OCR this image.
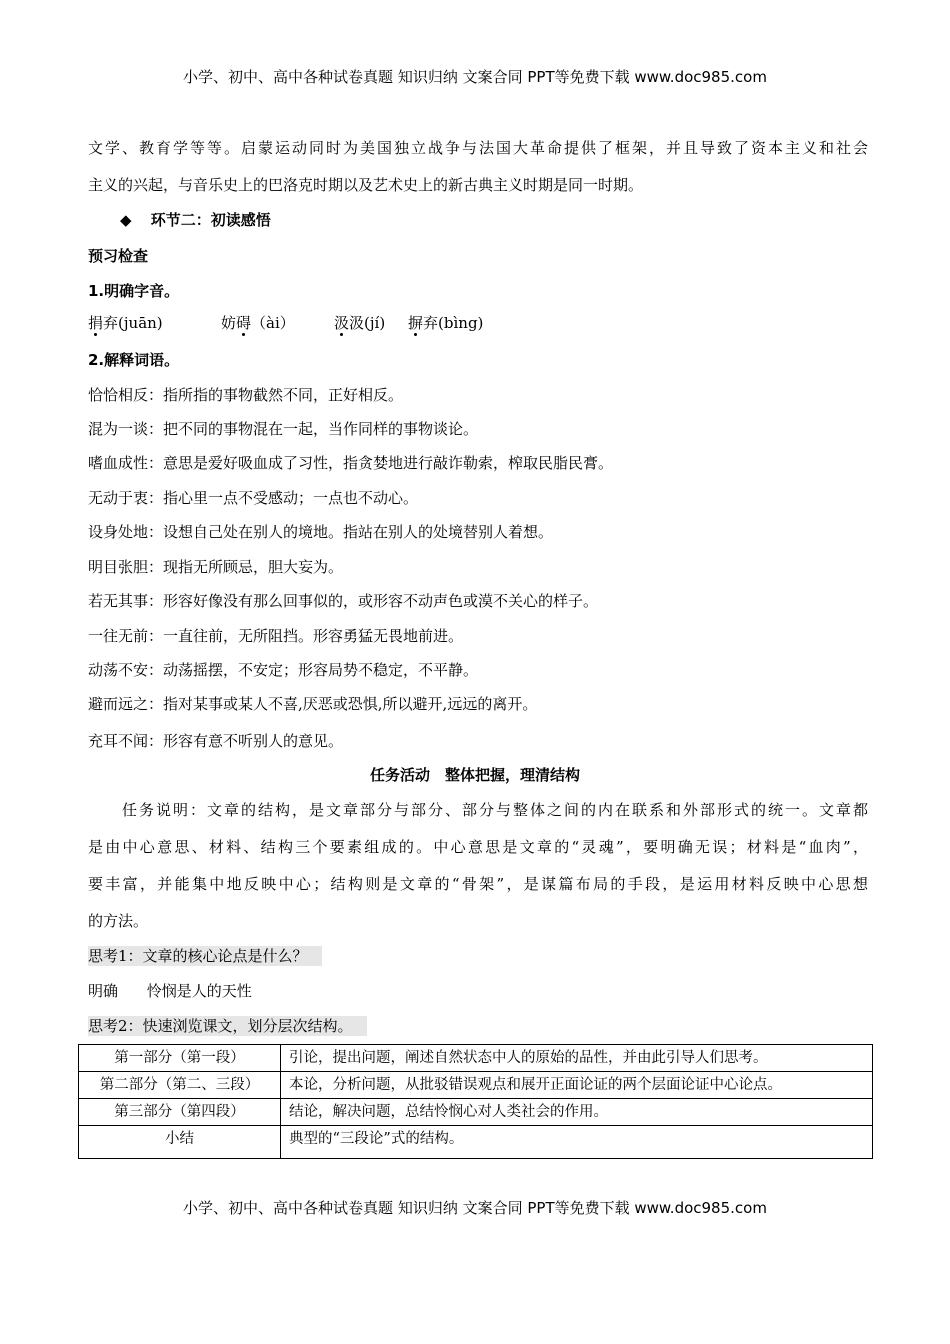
小学、初中、高中各种试卷真题 知识归纳 文案合同 PPT等免费下载 www.doc985.com
文学、教育学等等。启蒙运动同时为美国独立战争与法国大革命提供了框架，并且导致了资本主义和社会
主义的兴起，与音乐史上的巴洛克时期以及艺术史上的新古典主义时期是同一时期。
◆ 环节二：初读感悟
预习检查
1.明确字音。
捐弃(juān)	妨碍（ài）	汲汲(jí) 摒弃(bìng)
2.解释词语。
恰恰相反：指所指的事物截然不同，正好相反。
混为一谈：把不同的事物混在一起，当作同样的事物谈论。
嗜血成性：意思是爱好吸血成了习性，指贪婪地进行敲诈勒索，榨取民脂民膏。
无动于衷：指心里一点不受感动；一点也不动心。
设身处地：设想自己处在别人的境地。指站在别人的处境替别人着想。
明目张胆：现指无所顾忌，胆大妄为。
若无其事：形容好像没有那么回事似的，或形容不动声色或漠不关心的样子。
一往无前：一直往前，无所阻挡。形容勇猛无畏地前进。
动荡不安：动荡摇摆，不安定；形容局势不稳定，不平静。
避而远之：指对某事或某人不喜,厌恶或恐惧,所以避开,远远的离开。
充耳不闻：形容有意不听别人的意见。
任务活动　整体把握，理清结构
　　任务说明：文章的结构，是文章部分与部分、部分与整体之间的内在联系和外部形式的统一。文章都
是由中心意思、材料、结构三个要素组成的。中心意思是文章的“灵魂”，要明确无误；材料是“血肉”，
要丰富，并能集中地反映中心；结构则是文章的“骨架”，是谋篇布局的手段，是运用材料反映中心思想
的方法。
思考1：文章的核心论点是什么？
明确 怜悯是人的天性
思考2：快速浏览课文，划分层次结构。
第一部分（第一段）	引论，提出问题，阐述自然状态中人的原始的品性，并由此引导人们思考。
第二部分（第二、三段）	本论，分析问题，从批驳错误观点和展开正面论证的两个层面论证中心论点。
第三部分（第四段）	结论，解决问题，总结怜悯心对人类社会的作用。
小结	典型的“三段论”式的结构。
小学、初中、高中各种试卷真题 知识归纳 文案合同 PPT等免费下载 www.doc985.com
